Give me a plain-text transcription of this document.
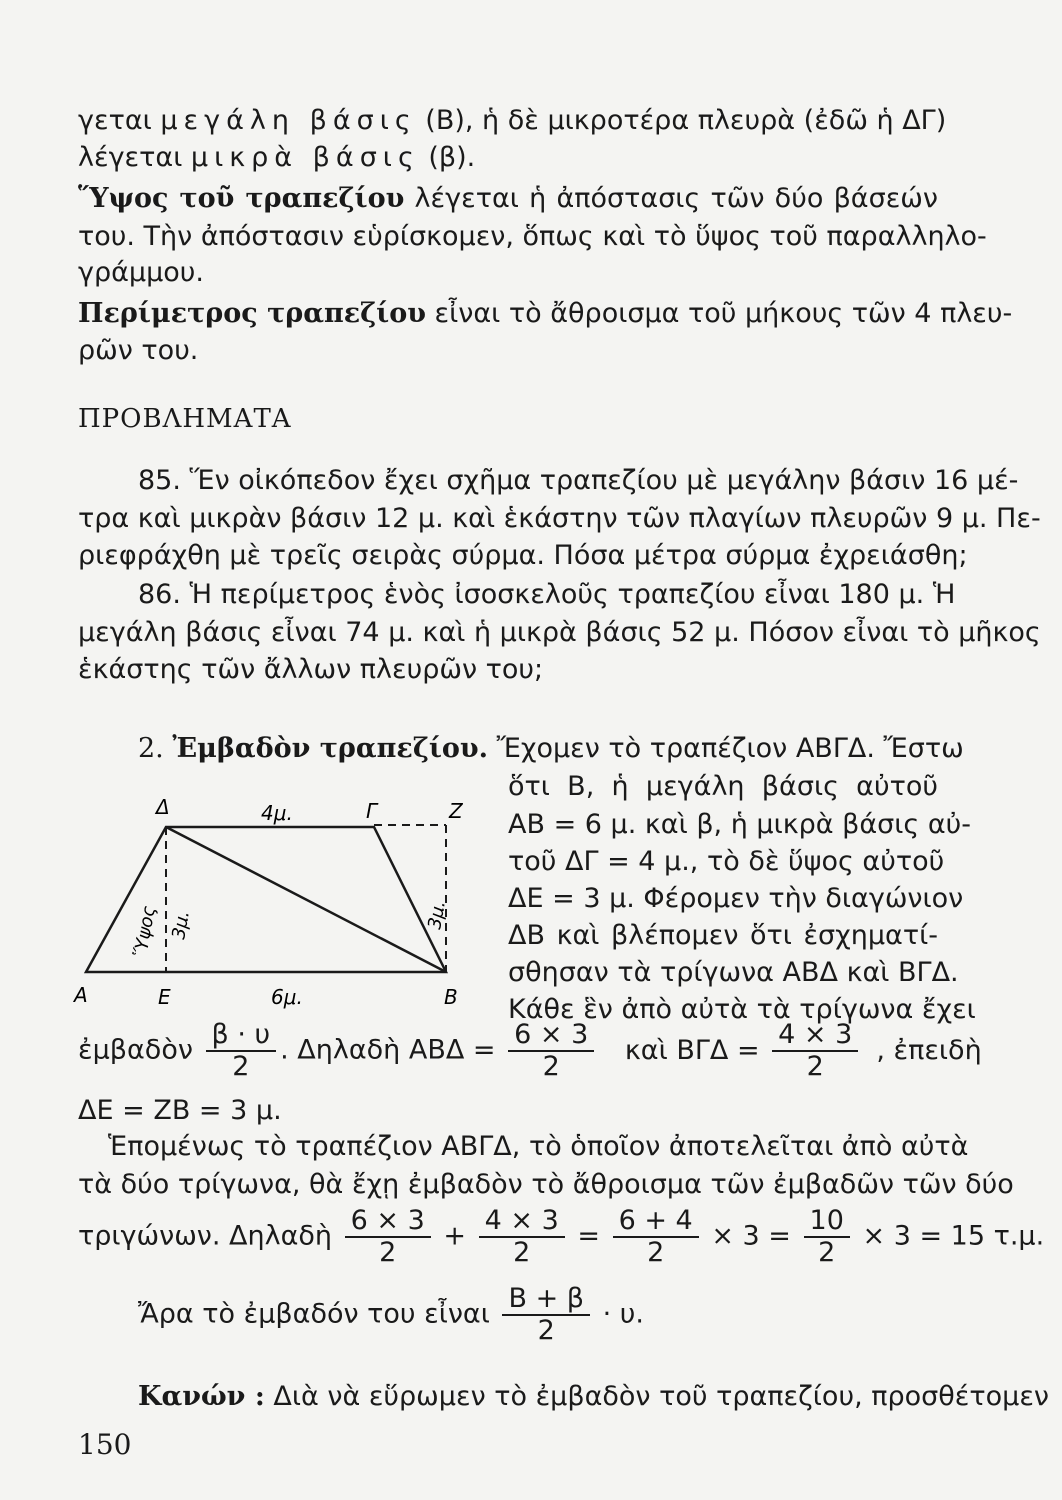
γεται μεγάλη βάσις (Β), ἡ δὲ μικροτέρα πλευρὰ (ἐδῶ ἡ ΔΓ)
λέγεται μικρὰ βάσις (β).
Ὕψος τοῦ τραπεζίου λέγεται ἡ ἀπόστασις τῶν δύο βάσεών
του. Τὴν ἀπόστασιν εὑρίσκομεν, ὅπως καὶ τὸ ὕψος τοῦ παραλληλο-
γράμμου.
Περίμετρος τραπεζίου εἶναι τὸ ἄθροισμα τοῦ μήκους τῶν 4 πλευ-
ρῶν του.
ΠΡΟΒΛΗΜΑΤΑ
85. Ἕν οἰκόπεδον ἔχει σχῆμα τραπεζίου μὲ μεγάλην βάσιν 16 μέ-
τρα καὶ μικρὰν βάσιν 12 μ. καὶ ἑκάστην τῶν πλαγίων πλευρῶν 9 μ. Πε-
ριεφράχθη μὲ τρεῖς σειρὰς σύρμα. Πόσα μέτρα σύρμα ἐχρειάσθη;
86. Ἡ περίμετρος ἑνὸς ἰσοσκελοῦς τραπεζίου εἶναι 180 μ. Ἡ
μεγάλη βάσις εἶναι 74 μ. καὶ ἡ μικρὰ βάσις 52 μ. Πόσον εἶναι τὸ μῆκος
ἑκάστης τῶν ἄλλων πλευρῶν του;
2. Ἐμβαδὸν τραπεζίου. Ἔχομεν τὸ τραπέζιον ΑΒΓΔ. Ἔστω
ὅτι Β, ἡ μεγάλη βάσις αὐτοῦ
ΑΒ = 6 μ. καὶ β, ἡ μικρὰ βάσις αὐ-
τοῦ ΔΓ = 4 μ., τὸ δὲ ὕψος αὐτοῦ
ΔΕ = 3 μ. Φέρομεν τὴν διαγώνιον
ΔΒ καὶ βλέπομεν ὅτι ἐσχηματί-
σθησαν τὰ τρίγωνα ΑΒΔ καὶ ΒΓΔ.
Κάθε ἓν ἀπὸ αὐτὰ τὰ τρίγωνα ἔχει
Δ	4μ.	Γ	Ζ
Α	Ε	6μ.	Β
Ὕψος 3μ.	3μ.
ἐμβαδὸν $\frac{\beta \cdot \upsilon}{2}$ . Δηλαδὴ $AB\Delta = \frac{6 \times 3}{2}$ καὶ $B\Gamma\Delta = \frac{4 \times 3}{2}$ , ἐπειδὴ
ΔΕ = ΖΒ = 3 μ.
Ἑπομένως τὸ τραπέζιον ΑΒΓΔ, τὸ ὁποῖον ἀποτελεῖται ἀπὸ αὐτὰ
τὰ δύο τρίγωνα, θὰ ἔχῃ ἐμβαδὸν τὸ ἄθροισμα τῶν ἐμβαδῶν τῶν δύο
τριγώνων. Δηλαδὴ $\frac{6 \times 3}{2} + \frac{4 \times 3}{2} = \frac{6 + 4}{2} \times 3 = \frac{10}{2} \times 3 = 15$ τ.μ.
Ἄρα τὸ ἐμβαδόν του εἶναι $\frac{B + \beta}{2} \cdot \upsilon$.
Κανών : Διὰ νὰ εὕρωμεν τὸ ἐμβαδὸν τοῦ τραπεζίου, προσθέτομεν
150
